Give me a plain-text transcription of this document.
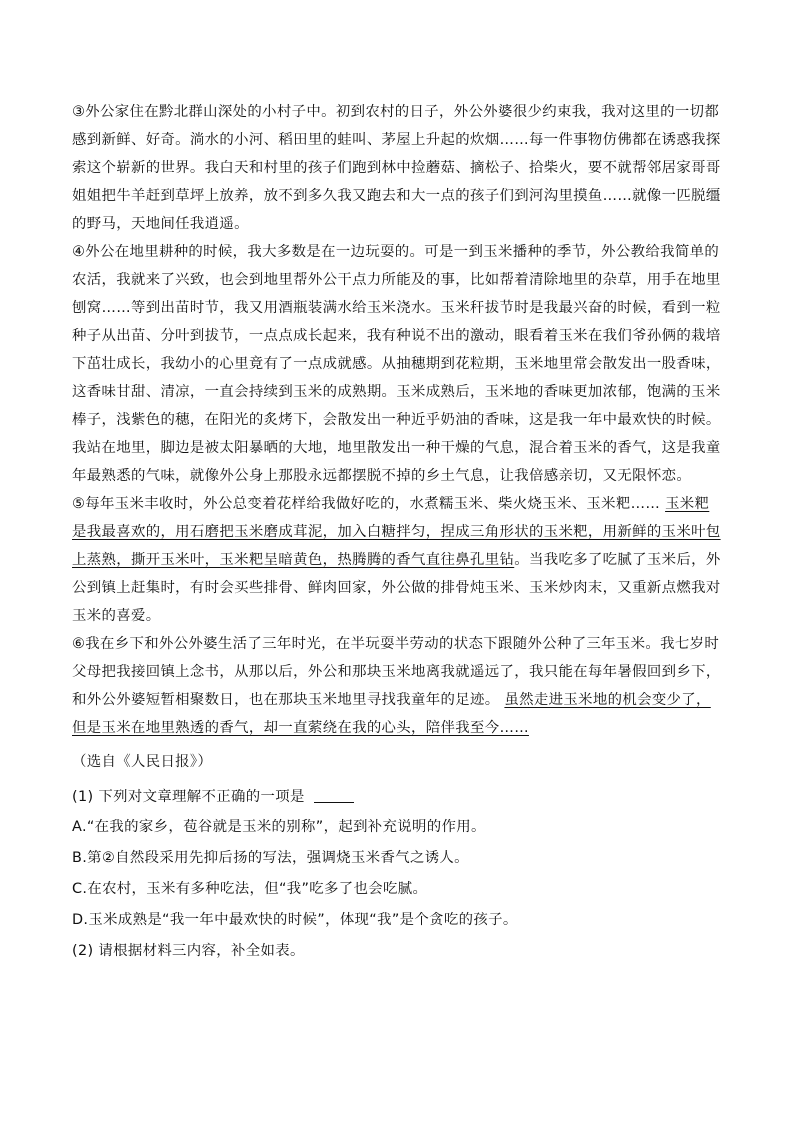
③外公家住在黔北群山深处的小村子中。初到农村的日子，外公外婆很少约束我，我对这里的一切都感到新鲜、好奇。淌水的小河、稻田里的蛙叫、茅屋上升起的炊烟……每一件事物仿佛都在诱惑我探索这个崭新的世界。我白天和村里的孩子们跑到林中捡蘑菇、摘松子、拾柴火，要不就帮邻居家哥哥姐姐把牛羊赶到草坪上放养，放不到多久我又跑去和大一点的孩子们到河沟里摸鱼……就像一匹脱缰的野马，天地间任我逍遥。

④外公在地里耕种的时候，我大多数是在一边玩耍的。可是一到玉米播种的季节，外公教给我简单的农活，我就来了兴致，也会到地里帮外公干点力所能及的事，比如帮着清除地里的杂草，用手在地里刨窝……等到出苗时节，我又用酒瓶装满水给玉米浇水。玉米秆拔节时是我最兴奋的时候，看到一粒种子从出苗、分叶到拔节，一点点成长起来，我有种说不出的激动，眼看着玉米在我们爷孙俩的栽培下茁壮成长，我幼小的心里竟有了一点成就感。从抽穗期到花粒期，玉米地里常会散发出一股香味，这香味甘甜、清凉，一直会持续到玉米的成熟期。玉米成熟后，玉米地的香味更加浓郁，饱满的玉米棒子，浅紫色的穗，在阳光的炙烤下，会散发出一种近乎奶油的香味，这是我一年中最欢快的时候。我站在地里，脚边是被太阳暴晒的大地，地里散发出一种干燥的气息，混合着玉米的香气，这是我童年最熟悉的气味，就像外公身上那股永远都摆脱不掉的乡土气息，让我倍感亲切，又无限怀恋。

⑤每年玉米丰收时，外公总变着花样给我做好吃的，水煮糯玉米、柴火烧玉米、玉米粑…… 玉米粑是我最喜欢的，用石磨把玉米磨成茸泥，加入白糖拌匀，捏成三角形状的玉米粑，用新鲜的玉米叶包上蒸熟，撕开玉米叶，玉米粑呈暗黄色，热腾腾的香气直往鼻孔里钻。当我吃多了吃腻了玉米后，外公到镇上赶集时，有时会买些排骨、鲜肉回家，外公做的排骨炖玉米、玉米炒肉末，又重新点燃我对玉米的喜爱。

⑥我在乡下和外公外婆生活了三年时光，在半玩耍半劳动的状态下跟随外公种了三年玉米。我七岁时父母把我接回镇上念书，从那以后，外公和那块玉米地离我就遥远了，我只能在每年暑假回到乡下，和外公外婆短暂相聚数日，也在那块玉米地里寻找我童年的足迹。 虽然走进玉米地的机会变少了，但是玉米在地里熟透的香气，却一直萦绕在我的心头，陪伴我至今……

（选自《人民日报》）

(1) 下列对文章理解不正确的一项是

A.“在我的家乡，苞谷就是玉米的别称”，起到补充说明的作用。

B.第②自然段采用先抑后扬的写法，强调烧玉米香气之诱人。

C.在农村，玉米有多种吃法，但“我”吃多了也会吃腻。

D.玉米成熟是“我一年中最欢快的时候”，体现“我”是个贪吃的孩子。

(2) 请根据材料三内容，补全如表。
